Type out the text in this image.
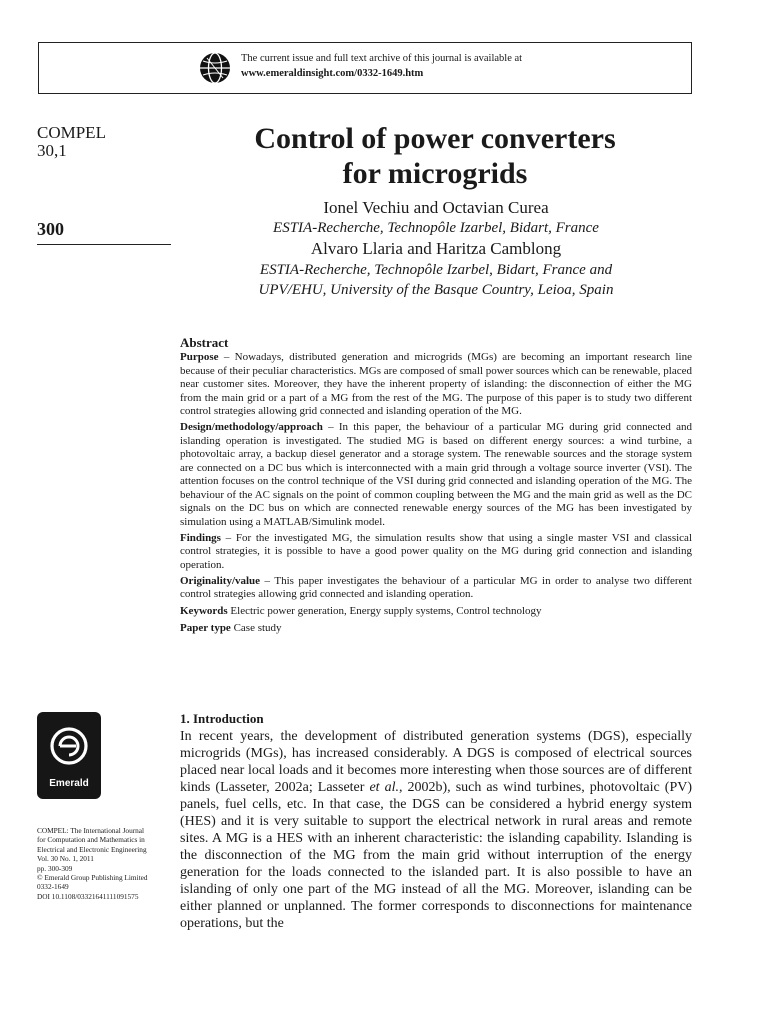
The current issue and full text archive of this journal is available at
www.emeraldinsight.com/0332-1649.htm
COMPEL
30,1
300
Control of power converters
for microgrids
Ionel Vechiu and Octavian Curea
ESTIA-Recherche, Technopôle Izarbel, Bidart, France
Alvaro Llaria and Haritza Camblong
ESTIA-Recherche, Technopôle Izarbel, Bidart, France and
UPV/EHU, University of the Basque Country, Leioa, Spain
Abstract

Purpose – Nowadays, distributed generation and microgrids (MGs) are becoming an important research line because of their peculiar characteristics. MGs are composed of small power sources which can be renewable, placed near customer sites. Moreover, they have the inherent property of islanding: the disconnection of either the MG from the main grid or a part of a MG from the rest of the MG. The purpose of this paper is to study two different control strategies allowing grid connected and islanding operation of the MG.

Design/methodology/approach – In this paper, the behaviour of a particular MG during grid connected and islanding operation is investigated. The studied MG is based on different energy sources: a wind turbine, a photovoltaic array, a backup diesel generator and a storage system. The renewable sources and the storage system are connected on a DC bus which is interconnected with a main grid through a voltage source inverter (VSI). The attention focuses on the control technique of the VSI during grid connected and islanding operation of the MG. The behaviour of the AC signals on the point of common coupling between the MG and the main grid as well as the DC signals on the DC bus on which are connected renewable energy sources of the MG has been investigated by simulation using a MATLAB/Simulink model.

Findings – For the investigated MG, the simulation results show that using a single master VSI and classical control strategies, it is possible to have a good power quality on the MG during grid connection and islanding operation.

Originality/value – This paper investigates the behaviour of a particular MG in order to analyse two different control strategies allowing grid connected and islanding operation.

Keywords Electric power generation, Energy supply systems, Control technology

Paper type Case study

Emerald
COMPEL: The International Journal
for Computation and Mathematics in
Electrical and Electronic Engineering
Vol. 30 No. 1, 2011
pp. 300-309
© Emerald Group Publishing Limited
0332-1649
DOI 10.1108/03321641111091575
1. Introduction

In recent years, the development of distributed generation systems (DGS), especially microgrids (MGs), has increased considerably. A DGS is composed of electrical sources placed near local loads and it becomes more interesting when those sources are of different kinds (Lasseter, 2002a; Lasseter et al., 2002b), such as wind turbines, photovoltaic (PV) panels, fuel cells, etc. In that case, the DGS can be considered a hybrid energy system (HES) and it is very suitable to support the electrical network in rural areas and remote sites. A MG is a HES with an inherent characteristic: the islanding capability. Islanding is the disconnection of the MG from the main grid without interruption of the energy generation for the loads connected to the islanded part. It is also possible to have an islanding of only one part of the MG instead of all the MG. Moreover, islanding can be either planned or unplanned. The former corresponds to disconnections for maintenance operations, but the
